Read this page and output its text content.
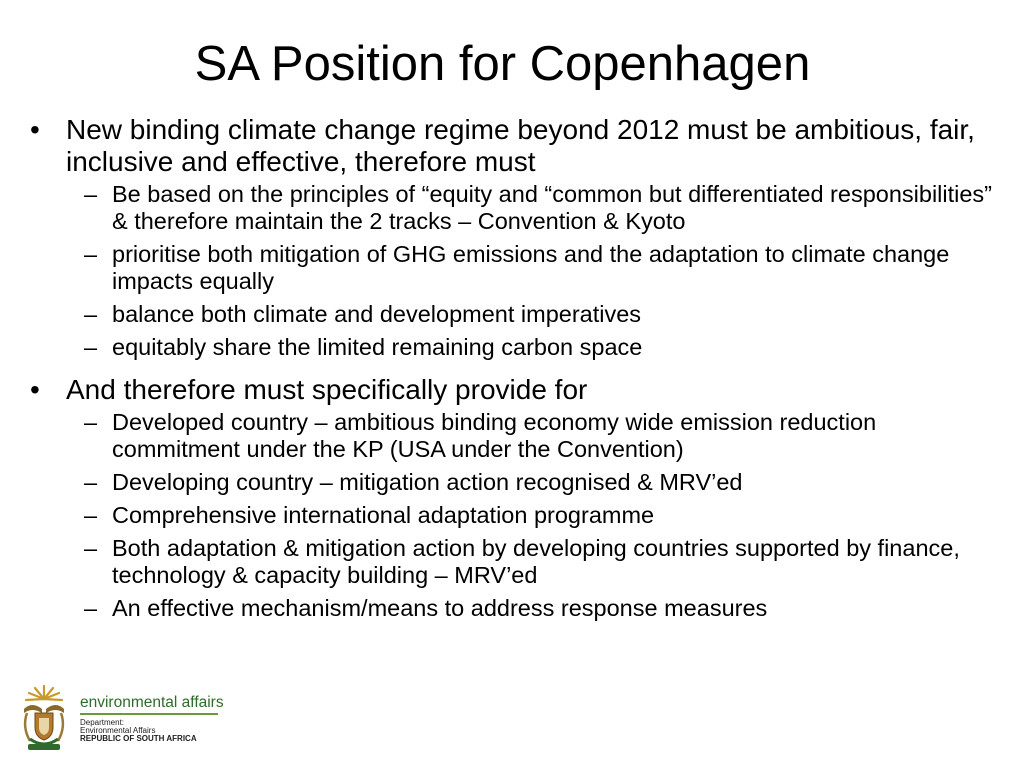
SA Position for Copenhagen
• New binding climate change regime beyond 2012 must be ambitious, fair, inclusive and effective, therefore must
– Be based on the principles of “equity and “common but differentiated responsibilities” & therefore maintain the 2 tracks – Convention & Kyoto
– prioritise both mitigation of GHG emissions and the adaptation to climate change impacts equally
– balance both climate and development imperatives
– equitably share the limited remaining carbon space
• And therefore must specifically provide for
– Developed country – ambitious binding economy wide emission reduction commitment under the KP (USA under the Convention)
– Developing country – mitigation action recognised & MRV’ed
– Comprehensive international adaptation programme
– Both adaptation & mitigation action by developing countries supported by finance, technology & capacity building – MRV’ed
– An effective mechanism/means to address response measures
environmental affairs
Department:
Environmental Affairs
REPUBLIC OF SOUTH AFRICA
